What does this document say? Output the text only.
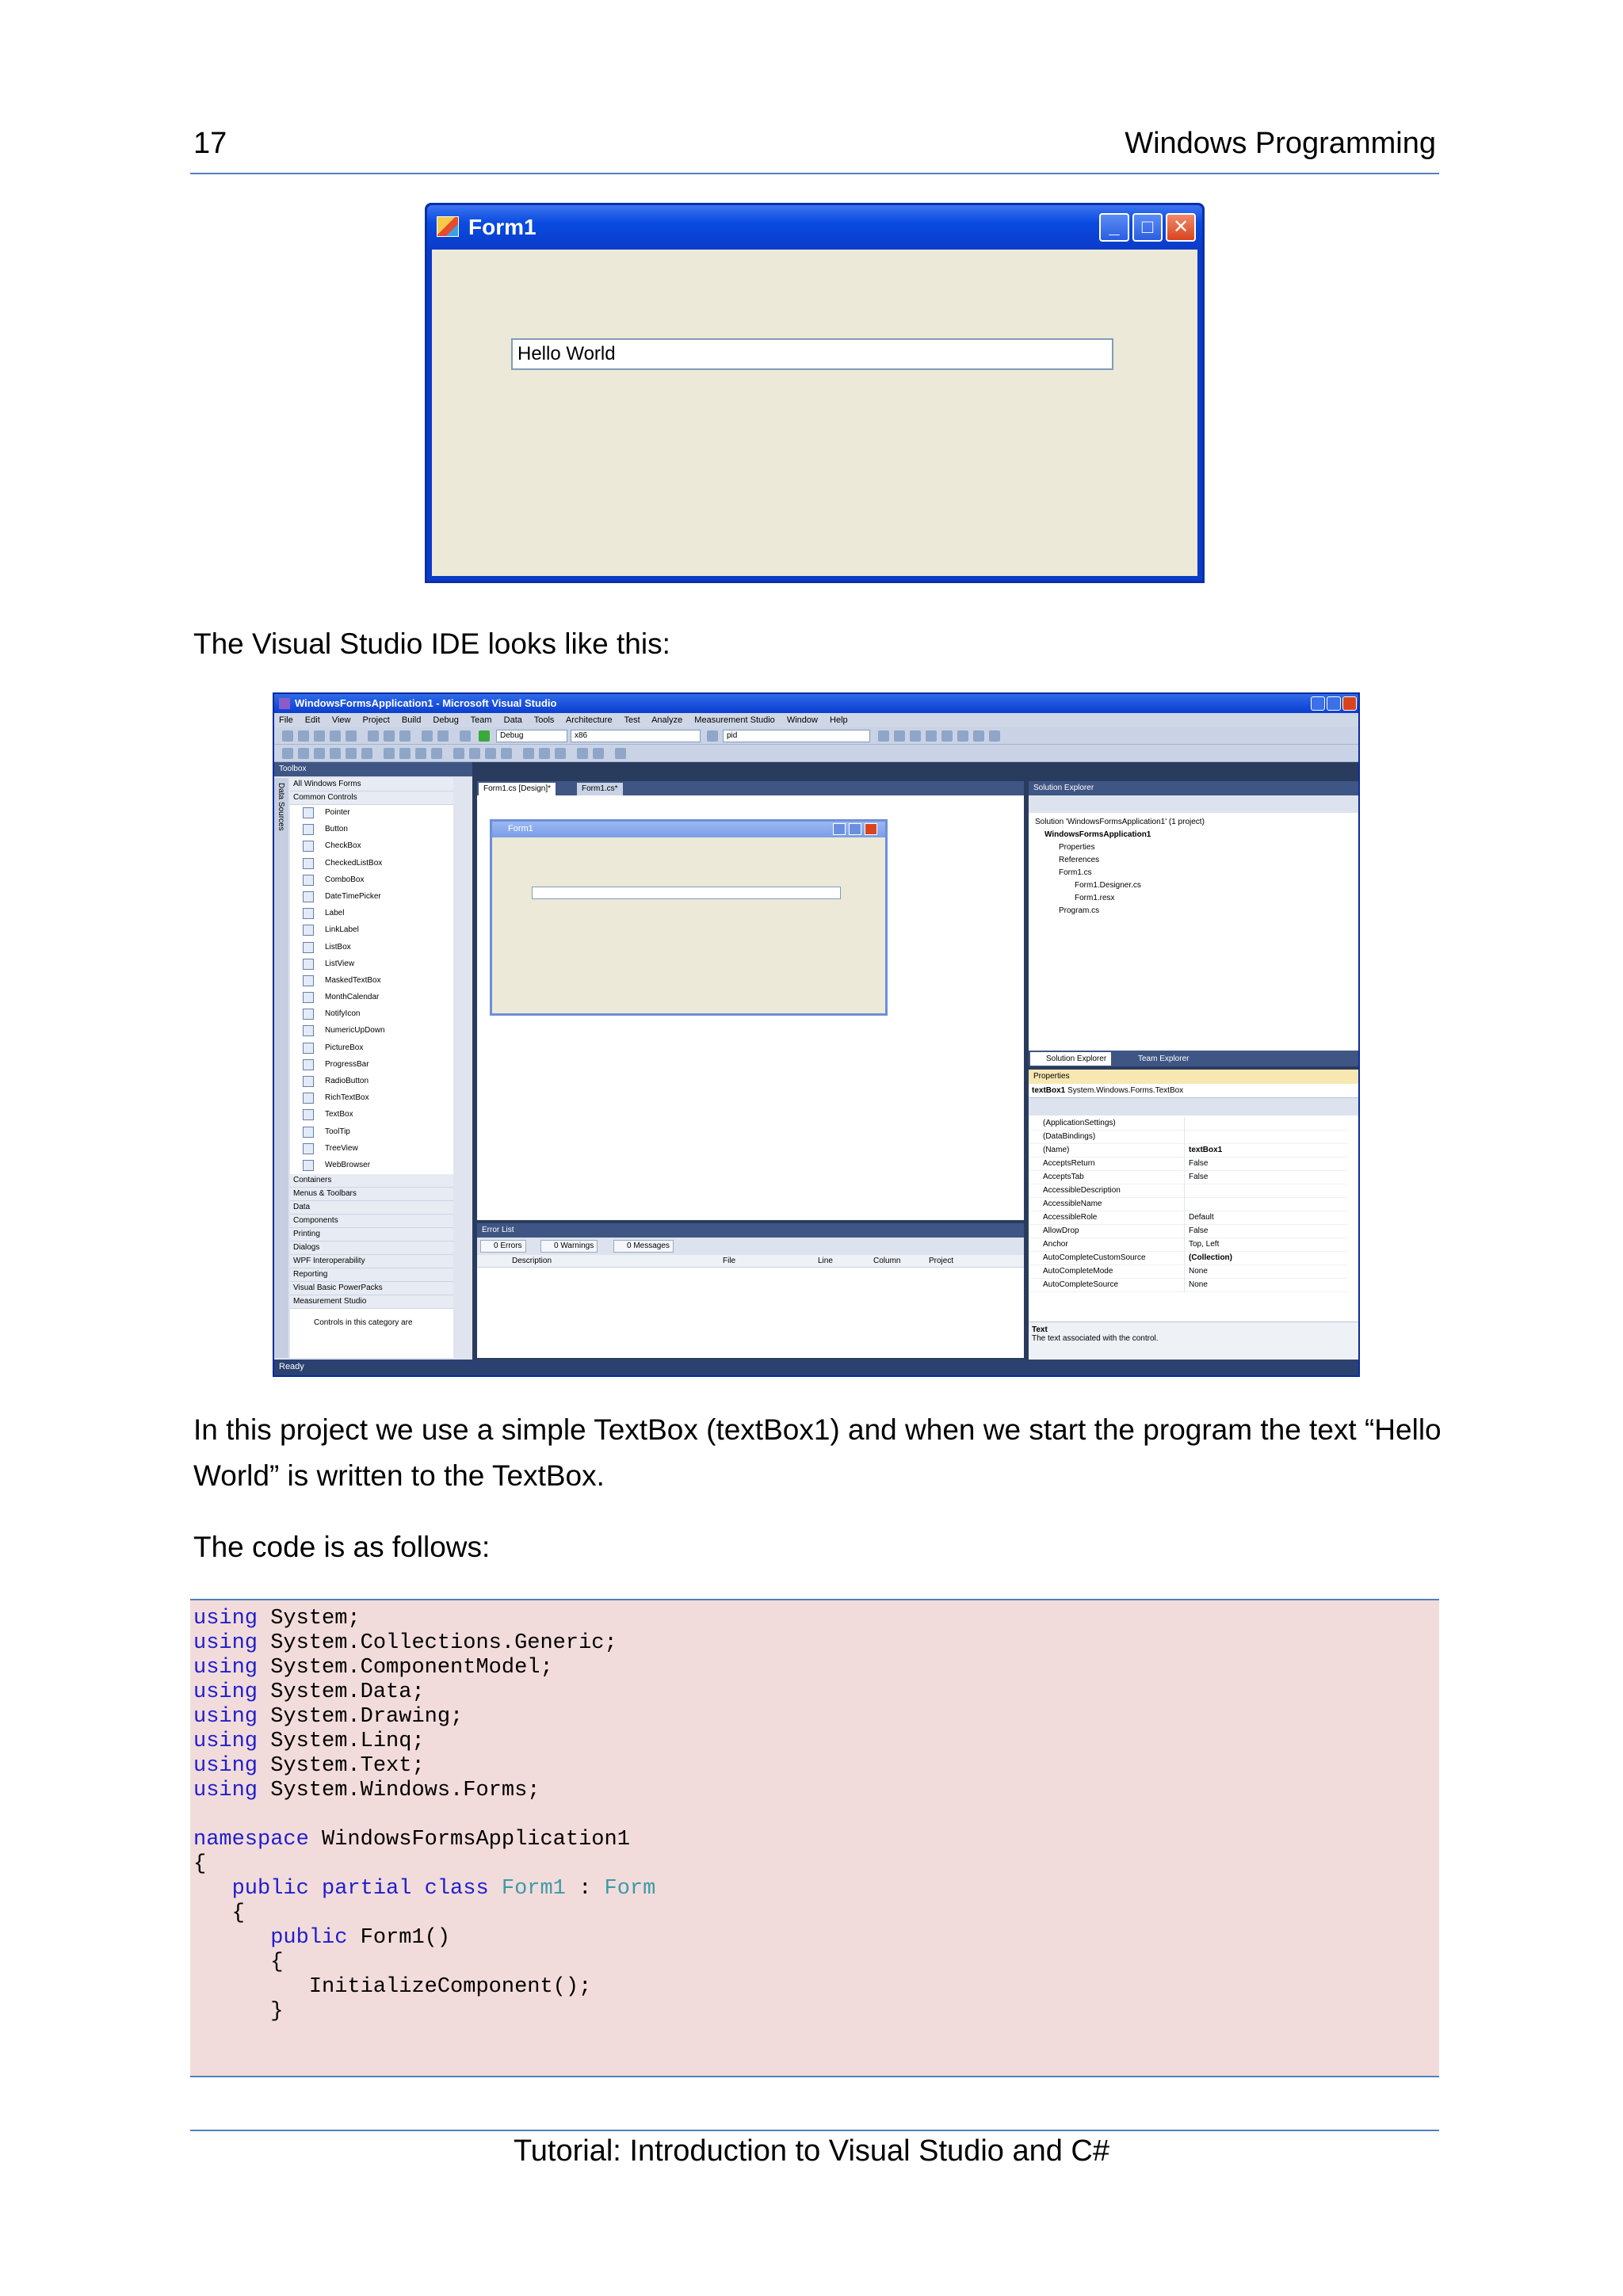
17	Windows Programming
Form1	_	□	✕
Hello World
The Visual Studio IDE looks like this:
WindowsFormsApplication1 - Microsoft Visual Studio
File Edit View Project Build Debug Team Data Tools Architecture Test Analyze Measurement Studio Window Help
Debug	x86	pid
Toolbox
Data Sources	All Windows Forms
Common Controls
Pointer
Button
CheckBox
CheckedListBox
ComboBox
DateTimePicker
Label
LinkLabel
ListBox
ListView
MaskedTextBox
MonthCalendar
NotifyIcon
NumericUpDown
PictureBox
ProgressBar
RadioButton
RichTextBox
TextBox
ToolTip
TreeView
WebBrowser
Containers
Menus & Toolbars
Data
Components
Printing
Dialogs
WPF Interoperability
Reporting
Visual Basic PowerPacks
Measurement Studio
Controls in this category are
Form1.cs [Design]*	Form1.cs*
Form1
Error List
0 Errors	0 Warnings	0 Messages
Description	File	Line	Column	Project
Solution Explorer
Solution 'WindowsFormsApplication1' (1 project)
WindowsFormsApplication1
Properties
References
Form1.cs
Form1.Designer.cs
Form1.resx
Program.cs
Solution Explorer	Team Explorer
Properties
textBox1 System.Windows.Forms.TextBox
(ApplicationSettings)
(DataBindings)
(Name)	textBox1
AcceptsReturn	False
AcceptsTab	False
AccessibleDescription
AccessibleName
AccessibleRole	Default
AllowDrop	False
Anchor	Top, Left
AutoCompleteCustomSource	(Collection)
AutoCompleteMode	None
AutoCompleteSource	None
Text
The text associated with the control.
Ready
In this project we use a simple TextBox (textBox1) and when we start the program the text “Hello World” is written to the TextBox.
The code is as follows:
using System;
using System.Collections.Generic;
using System.ComponentModel;
using System.Data;
using System.Drawing;
using System.Linq;
using System.Text;
using System.Windows.Forms;
namespace WindowsFormsApplication1
{
public partial class Form1 : Form
{
public Form1()
{
InitializeComponent();
}
Tutorial: Introduction to Visual Studio and C#
